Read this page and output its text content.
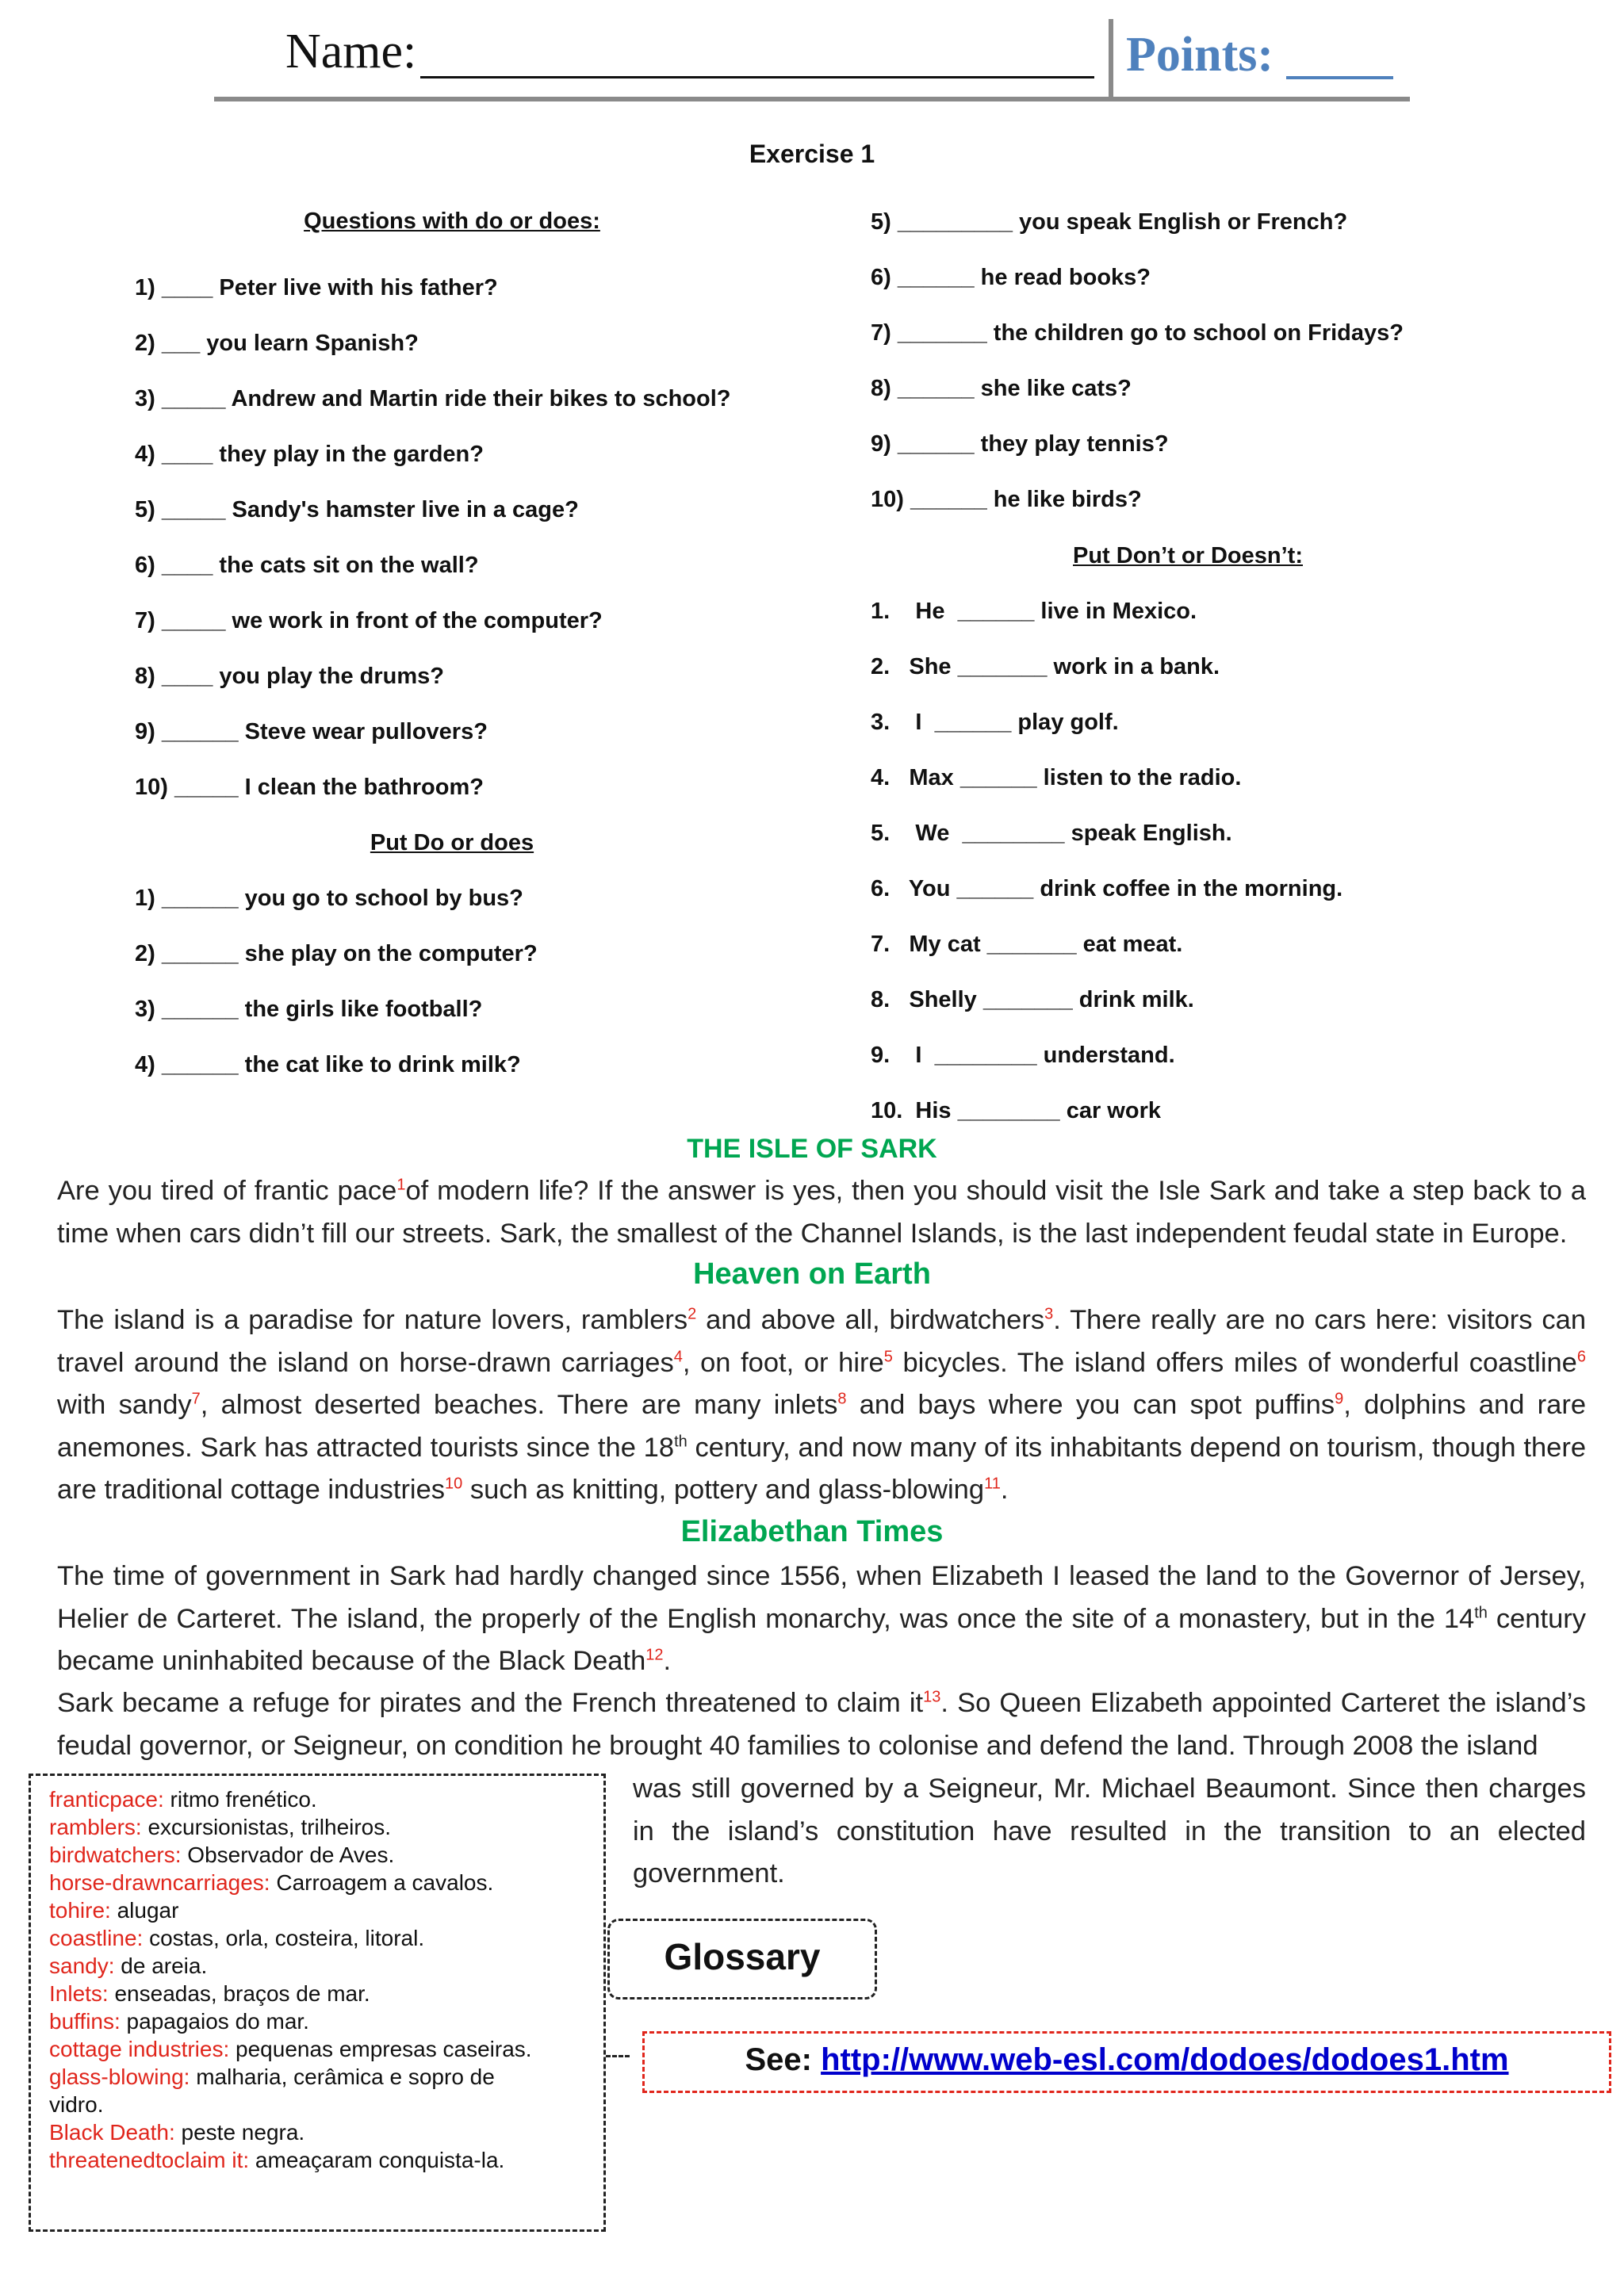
Name:	Points:
Exercise 1
Questions with do or does:
1) ____ Peter live with his father?
2) ___ you learn Spanish?
3) _____ Andrew and Martin ride their bikes to school?
4) ____ they play in the garden?
5) _____ Sandy's hamster live in a cage?
6) ____ the cats sit on the wall?
7) _____ we work in front of the computer?
8) ____ you play the drums?
9) ______ Steve wear pullovers?
10) _____ I clean the bathroom?
Put Do or does
1) ______ you go to school by bus?
2) ______ she play on the computer?
3) ______ the girls like football?
4) ______ the cat like to drink milk?
5) _________ you speak English or French?
6) ______ he read books?
7) _______ the children go to school on Fridays?
8) ______ she like cats?
9) ______ they play tennis?
10) ______ he like birds?
Put Don’t or Doesn’t:
1.    He  ______ live in Mexico.
2.   She _______ work in a bank.
3.    I  ______ play golf.
4.   Max ______ listen to the radio.
5.    We  ________ speak English.
6.   You ______ drink coffee in the morning.
7.   My cat _______ eat meat.
8.   Shelly _______ drink milk.
9.    I  ________ understand.
10.  His ________ car work
THE ISLE OF SARK
Are you tired of frantic pace$^1$of modern life? If the answer is yes, then you should visit the Isle Sark and take a step back to a time when cars didn’t fill our streets. Sark, the smallest of the Channel Islands, is the last independent feudal state in Europe.
Heaven on Earth
The island is a paradise for nature lovers, ramblers$^2$ and above all, birdwatchers$^3$. There really are no cars here: visitors can travel around the island on horse-drawn carriages$^4$, on foot, or hire$^5$ bicycles. The island offers miles of wonderful coastline$^6$ with sandy$^7$, almost deserted beaches. There are many inlets$^8$ and bays where you can spot puffins$^9$, dolphins and rare anemones. Sark has attracted tourists since the 18th century, and now many of its inhabitants depend on tourism, though there are traditional cottage industries$^{10}$ such as knitting, pottery and glass-blowing$^{11}$.
Elizabethan Times
The time of government in Sark had hardly changed since 1556, when Elizabeth I leased the land to the Governor of Jersey, Helier de Carteret. The island, the properly of the English monarchy, was once the site of a monastery, but in the 14th century became uninhabited because of the Black Death$^{12}$.
Sark became a refuge for pirates and the French threatened to claim it$^{13}$. So Queen Elizabeth appointed Carteret the island’s feudal governor, or Seigneur, on condition he brought 40 families to colonise and defend the land. Through 2008 the island
was still governed by a Seigneur, Mr. Michael Beaumont. Since then charges in the island’s constitution have resulted in the transition to an elected government.
franticpace: ritmo frenético.
ramblers: excursionistas, trilheiros.
birdwatchers: Observador de Aves.
horse-drawncarriages: Carroagem a cavalos.
tohire: alugar
coastline: costas, orla, costeira, litoral.
sandy: de areia.
Inlets: enseadas, braços de mar.
buffins: papagaios do mar.
cottage industries: pequenas empresas caseiras.
glass-blowing: malharia, cerâmica e sopro de
vidro.
Black Death: peste negra.
threatenedtoclaim it: ameaçaram conquista-la.
Glossary
See: http://www.web-esl.com/dodoes/dodoes1.htm
